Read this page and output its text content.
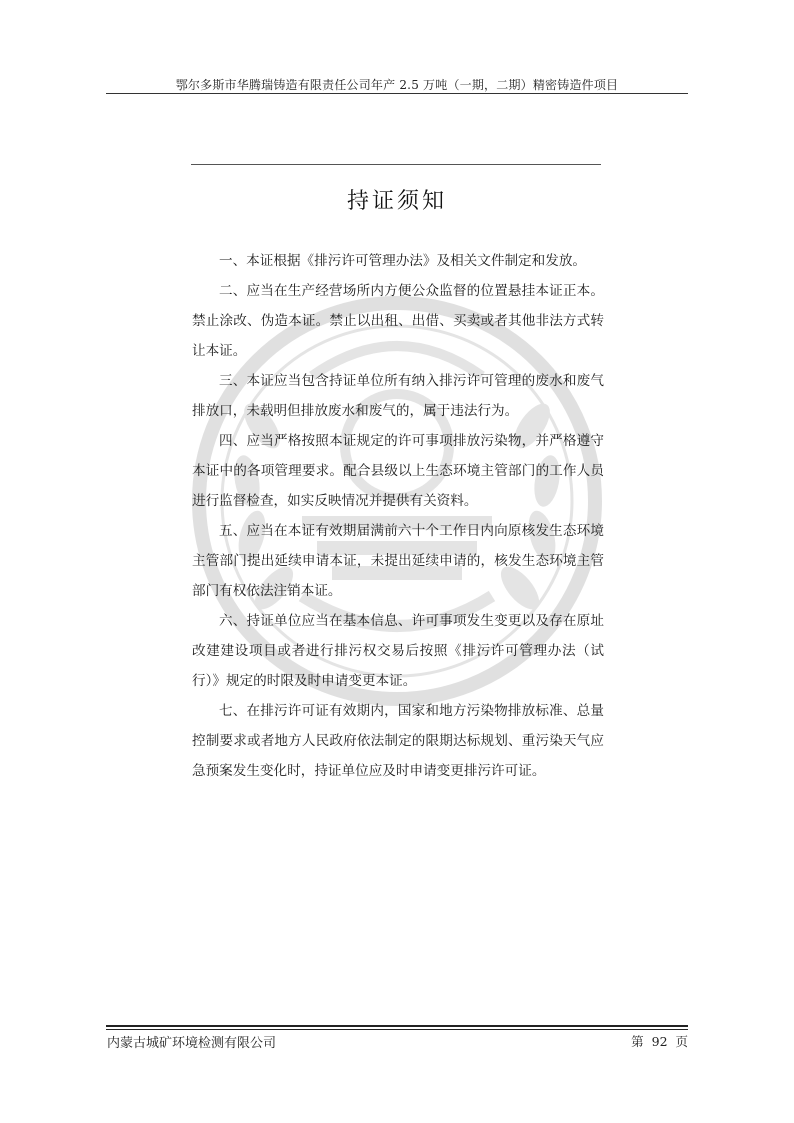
鄂尔多斯市华腾瑞铸造有限责任公司年产 2.5 万吨（一期，二期）精密铸造件项目
持证须知

一、本证根据《排污许可管理办法》及相关文件制定和发放。

二、应当在生产经营场所内方便公众监督的位置悬挂本证正本。禁止涂改、伪造本证。禁止以出租、出借、买卖或者其他非法方式转让本证。

三、本证应当包含持证单位所有纳入排污许可管理的废水和废气排放口，未载明但排放废水和废气的，属于违法行为。

四、应当严格按照本证规定的许可事项排放污染物，并严格遵守本证中的各项管理要求。配合县级以上生态环境主管部门的工作人员进行监督检查，如实反映情况并提供有关资料。

五、应当在本证有效期届满前六十个工作日内向原核发生态环境主管部门提出延续申请本证，未提出延续申请的，核发生态环境主管部门有权依法注销本证。

六、持证单位应当在基本信息、许可事项发生变更以及存在原址改建建设项目或者进行排污权交易后按照《排污许可管理办法（试行）》规定的时限及时申请变更本证。

七、在排污许可证有效期内，国家和地方污染物排放标准、总量控制要求或者地方人民政府依法制定的限期达标规划、重污染天气应急预案发生变化时，持证单位应及时申请变更排污许可证。

内蒙古城矿环境检测有限公司	第 92 页
